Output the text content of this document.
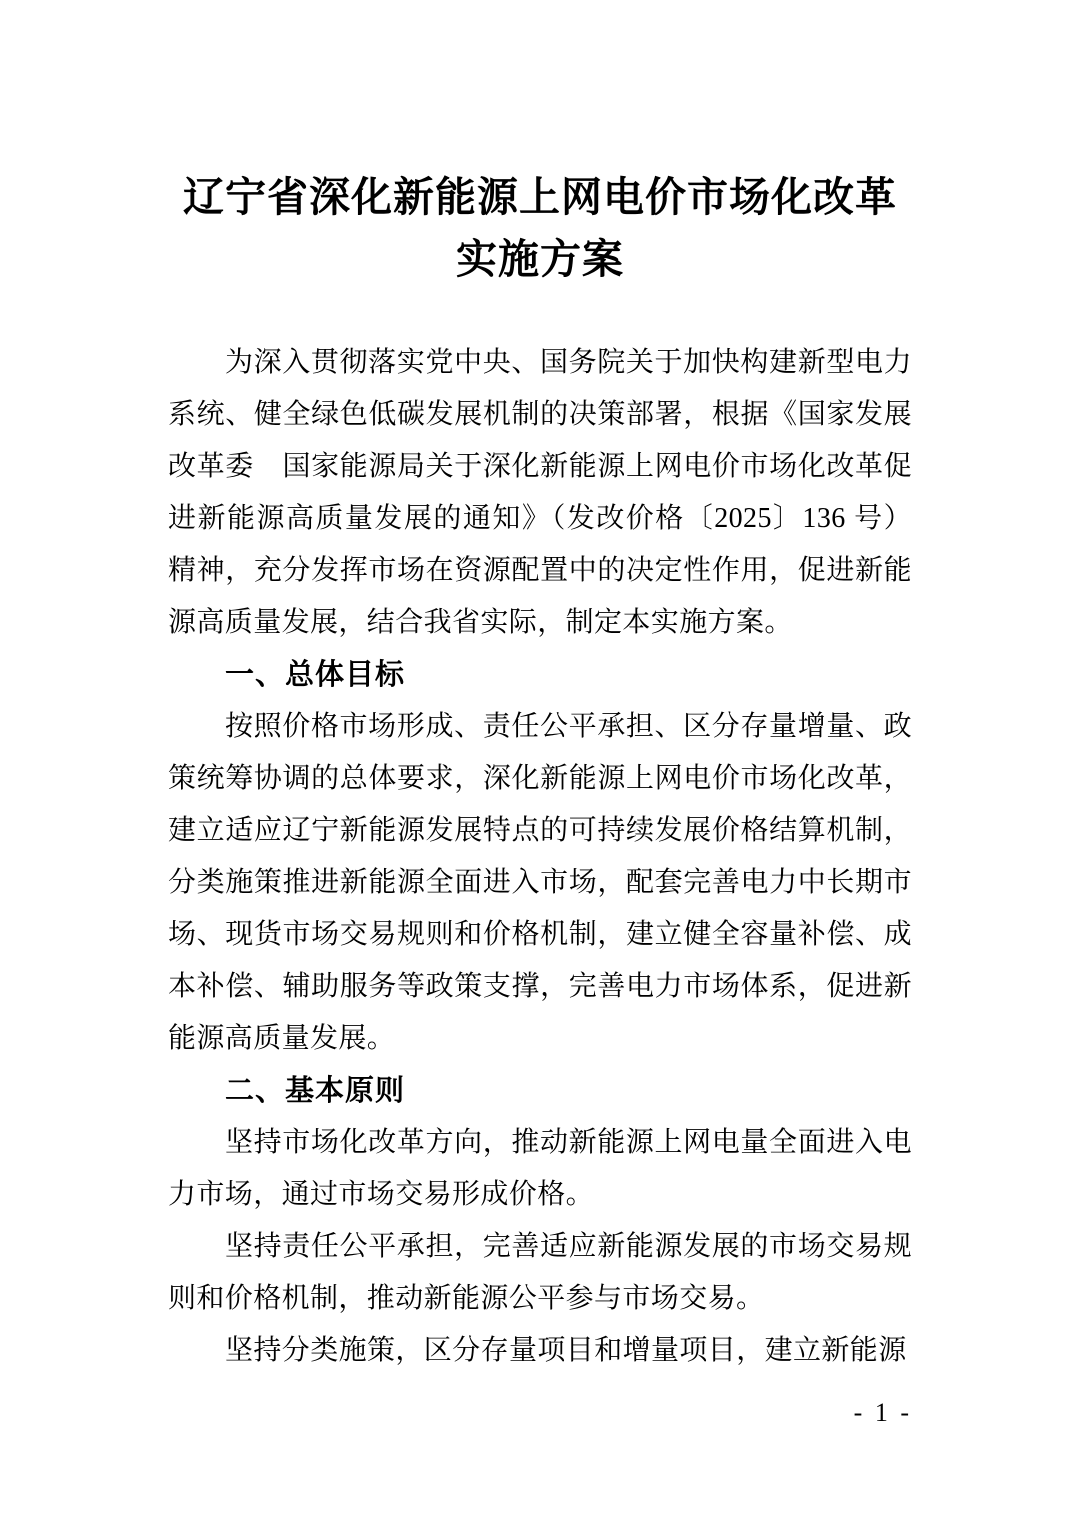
辽宁省深化新能源上网电价市场化改革
实施方案

为深入贯彻落实党中央、国务院关于加快构建新型电力系统、健全绿色低碳发展机制的决策部署，根据《国家发展改革委　国家能源局关于深化新能源上网电价市场化改革促进新能源高质量发展的通知》（发改价格〔2025〕136 号）精神，充分发挥市场在资源配置中的决定性作用，促进新能源高质量发展，结合我省实际，制定本实施方案。

一、总体目标

按照价格市场形成、责任公平承担、区分存量增量、政策统筹协调的总体要求，深化新能源上网电价市场化改革，建立适应辽宁新能源发展特点的可持续发展价格结算机制，分类施策推进新能源全面进入市场，配套完善电力中长期市场、现货市场交易规则和价格机制，建立健全容量补偿、成本补偿、辅助服务等政策支撑，完善电力市场体系，促进新能源高质量发展。

二、基本原则

坚持市场化改革方向，推动新能源上网电量全面进入电力市场，通过市场交易形成价格。

坚持责任公平承担，完善适应新能源发展的市场交易规则和价格机制，推动新能源公平参与市场交易。

坚持分类施策，区分存量项目和增量项目，建立新能源

- 1 -
